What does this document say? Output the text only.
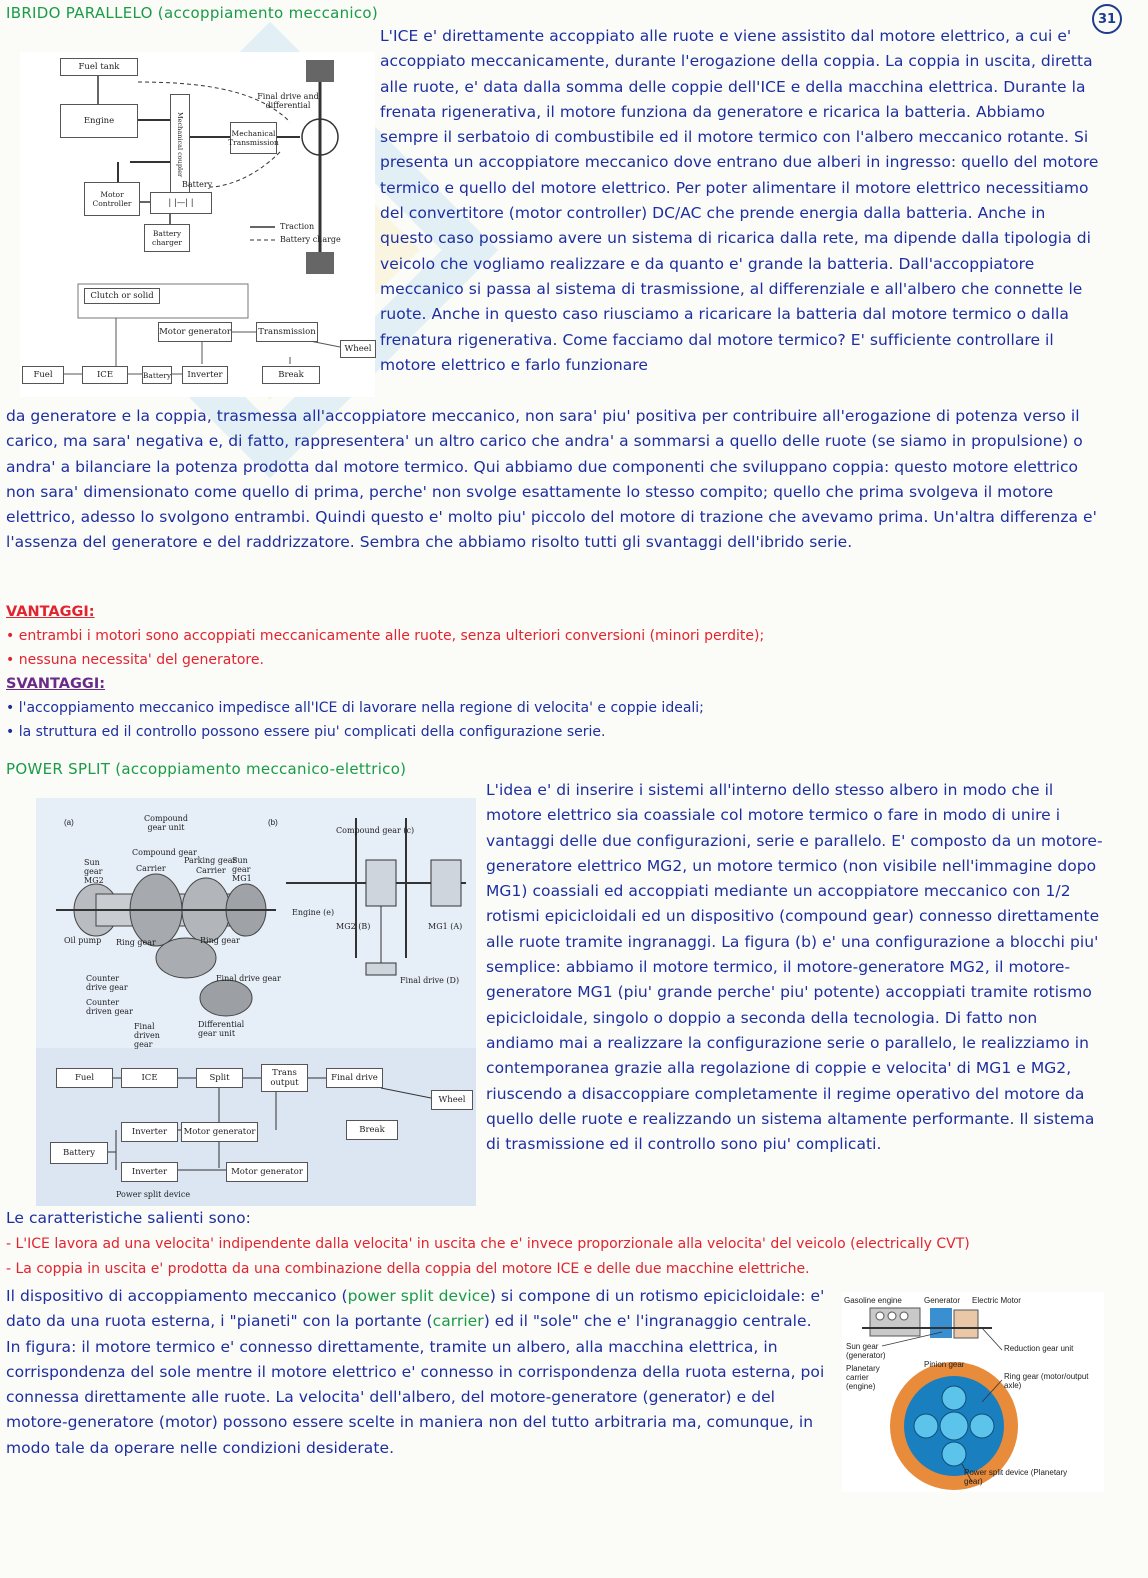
31
IBRIDO PARALLELO (accoppiamento meccanico)
Fuel tank
Engine	Mechanical coupler	Mechanical Transmission
Final drive and differential
Motor Controller
Battery
| |—| |
Battery charger
Traction
Battery charge
Clutch or solid
Motor generator	Transmission
Wheel
Fuel	ICE	Battery	Inverter	Break

L'ICE e' direttamente accoppiato alle ruote e viene assistito dal motore elettrico, a cui e' accoppiato meccanicamente, durante l'erogazione della coppia. La coppia in uscita, diretta alle ruote, e' data dalla somma delle coppie dell'ICE e della macchina elettrica. Durante la frenata rigenerativa, il motore funziona da generatore e ricarica la batteria. Abbiamo sempre il serbatoio di combustibile ed il motore termico con l'albero meccanico rotante. Si presenta un accoppiatore meccanico dove entrano due alberi in ingresso: quello del motore termico e quello del motore elettrico. Per poter alimentare il motore elettrico necessitiamo del convertitore (motor controller) DC/AC che prende energia dalla batteria. Anche in questo caso possiamo avere un sistema di ricarica dalla rete, ma dipende dalla tipologia di veicolo che vogliamo realizzare e da quanto e' grande la batteria. Dall'accoppiatore meccanico si passa al sistema di trasmissione, al differenziale e all'albero che connette le ruote. Anche in questo caso riusciamo a ricaricare la batteria dal motore termico o dalla frenatura rigenerativa. Come facciamo dal motore termico? E' sufficiente controllare il motore elettrico e farlo funzionare

da generatore e la coppia, trasmessa all'accoppiatore meccanico, non sara' piu' positiva per contribuire all'erogazione di potenza verso il carico, ma sara' negativa e, di fatto, rappresentera' un altro carico che andra' a sommarsi a quello delle ruote (se siamo in propulsione) o andra' a bilanciare la potenza prodotta dal motore termico. Qui abbiamo due componenti che sviluppano coppia: questo motore elettrico non sara' dimensionato come quello di prima, perche' non svolge esattamente lo stesso compito; quello che prima svolgeva il motore elettrico, adesso lo svolgono entrambi. Quindi questo e' molto piu' piccolo del motore di trazione che avevamo prima. Un'altra differenza e' l'assenza del generatore e del raddrizzatore. Sembra che abbiamo risolto tutti gli svantaggi dell'ibrido serie.

VANTAGGI:
• entrambi i motori sono accoppiati meccanicamente alle ruote, senza ulteriori conversioni (minori perdite);
• nessuna necessita' del generatore.
SVANTAGGI:
• l'accoppiamento meccanico impedisce all'ICE di lavorare nella regione di velocita' e coppie ideali;
• la struttura ed il controllo possono essere piu' complicati della configurazione serie.
POWER SPLIT (accoppiamento meccanico-elettrico)
(a)	(b)
Compound gear unit
Compound gear
Sun gear MG2
Carrier
Parking gear
Carrier
Sun gear MG1
Oil pump Ring gear	Ring gear
Counter drive gear
Counter driven gear
Final drive gear
Differential gear unit
Final driven gear
Compound gear (c)
Engine (e)
MG2 (B)	MG1 (A)
Final drive (D)
Fuel	ICE	Split	Trans output	Final drive
Wheel
Inverter	Motor generator	Break
Battery
Inverter	Motor generator
Power split device

L'idea e' di inserire i sistemi all'interno dello stesso albero in modo che il motore elettrico sia coassiale col motore termico o fare in modo di unire i vantaggi delle due configurazioni, serie e parallelo. E' composto da un motore-generatore elettrico MG2, un motore termico (non visibile nell'immagine dopo MG1) coassiali ed accoppiati mediante un accoppiatore meccanico con 1/2 rotismi epicicloidali ed un dispositivo (compound gear) connesso direttamente alle ruote tramite ingranaggi. La figura (b) e' una configurazione a blocchi piu' semplice: abbiamo il motore termico, il motore-generatore MG2, il motore-generatore MG1 (piu' grande perche' piu' potente) accoppiati tramite rotismo epicicloidale, singolo o doppio a seconda della tecnologia. Di fatto non andiamo mai a realizzare la configurazione serie o parallelo, le realizziamo in contemporanea grazie alla regolazione di coppie e velocita' di MG1 e MG2, riuscendo a disaccoppiare completamente il regime operativo del motore da quello delle ruote e realizzando un sistema altamente performante. Il sistema di trasmissione ed il controllo sono piu' complicati.

Le caratteristiche salienti sono:
- L'ICE lavora ad una velocita' indipendente dalla velocita' in uscita che e' invece proporzionale alla velocita' del veicolo (electrically CVT)
- La coppia in uscita e' prodotta da una combinazione della coppia del motore ICE e delle due macchine elettriche.

Il dispositivo di accoppiamento meccanico (power split device) si compone di un rotismo epicicloidale: e' dato da una ruota esterna, i "pianeti" con la portante (carrier) ed il "sole" che e' l'ingranaggio centrale. In figura: il motore termico e' connesso direttamente, tramite un albero, alla macchina elettrica, in corrispondenza del sole mentre il motore elettrico e' connesso in corrispondenza della ruota esterna, poi connessa direttamente alle ruote. La velocita' dell'albero, del motore-generatore (generator) e del motore-generatore (motor) possono essere scelte in maniera non del tutto arbitraria ma, comunque, in modo tale da operare nelle condizioni desiderate.

Gasoline engine	Generator Electric Motor
Sun gear (generator)
Planetary carrier (engine)
Pinion gear
Reduction gear unit
Ring gear (motor/output axle)
Power split device (Planetary gear)
